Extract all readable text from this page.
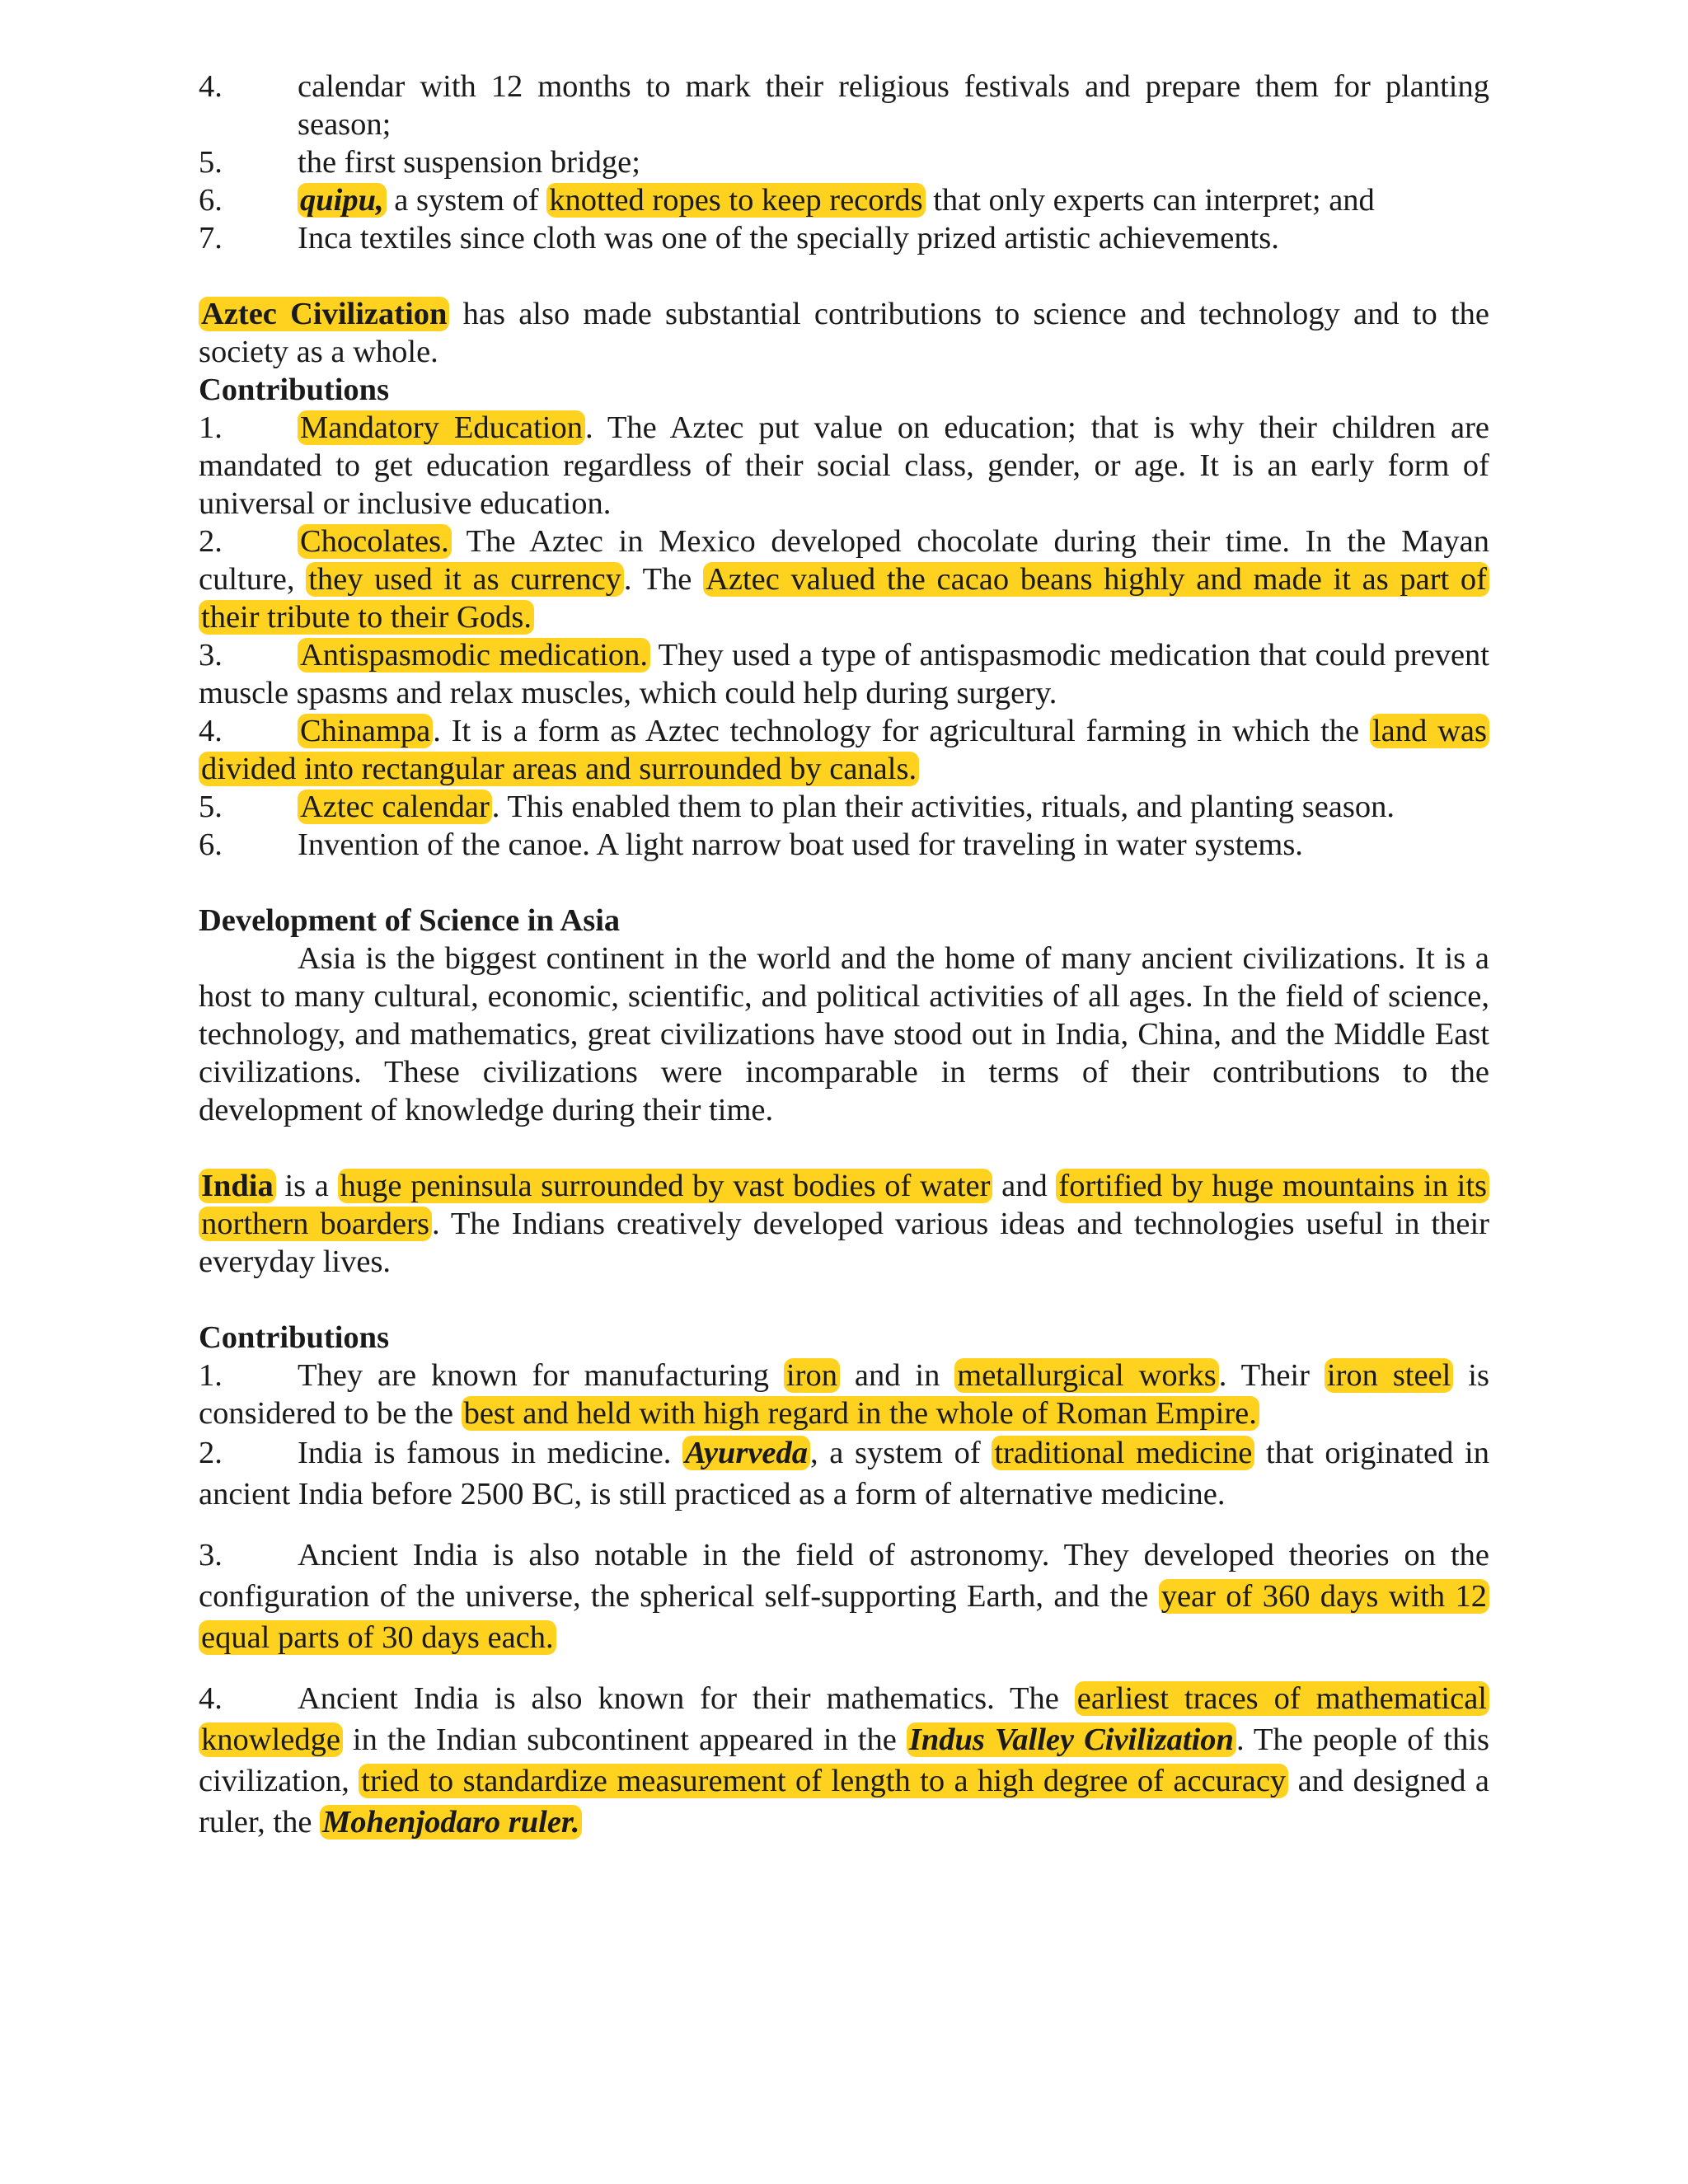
4.	calendar with 12 months to mark their religious festivals and prepare them for planting season;
5.	the first suspension bridge;
6.	quipu, a system of knotted ropes to keep records that only experts can interpret; and
7.	Inca textiles since cloth was one of the specially prized artistic achievements.

Aztec Civilization has also made substantial contributions to science and technology and to the society as a whole.

Contributions

1. Mandatory Education. The Aztec put value on education; that is why their children are mandated to get education regardless of their social class, gender, or age. It is an early form of universal or inclusive education.

2. Chocolates. The Aztec in Mexico developed chocolate during their time. In the Mayan culture, they used it as currency. The Aztec valued the cacao beans highly and made it as part of their tribute to their Gods.

3. Antispasmodic medication. They used a type of antispasmodic medication that could prevent muscle spasms and relax muscles, which could help during surgery.

4. Chinampa. It is a form as Aztec technology for agricultural farming in which the land was divided into rectangular areas and surrounded by canals.

5. Aztec calendar. This enabled them to plan their activities, rituals, and planting season.

6. Invention of the canoe. A light narrow boat used for traveling in water systems.

Development of Science in Asia

Asia is the biggest continent in the world and the home of many ancient civilizations. It is a host to many cultural, economic, scientific, and political activities of all ages. In the field of science, technology, and mathematics, great civilizations have stood out in India, China, and the Middle East civilizations. These civilizations were incomparable in terms of their contributions to the development of knowledge during their time.

India is a huge peninsula surrounded by vast bodies of water and fortified by huge mountains in its northern boarders. The Indians creatively developed various ideas and technologies useful in their everyday lives.

Contributions

1. They are known for manufacturing iron and in metallurgical works. Their iron steel is considered to be the best and held with high regard in the whole of Roman Empire.

2. India is famous in medicine. Ayurveda, a system of traditional medicine that originated in ancient India before 2500 BC, is still practiced as a form of alternative medicine.

3. Ancient India is also notable in the field of astronomy. They developed theories on the configuration of the universe, the spherical self-supporting Earth, and the year of 360 days with 12 equal parts of 30 days each.

4. Ancient India is also known for their mathematics. The earliest traces of mathematical knowledge in the Indian subcontinent appeared in the Indus Valley Civilization. The people of this civilization, tried to standardize measurement of length to a high degree of accuracy and designed a ruler, the Mohenjodaro ruler.
